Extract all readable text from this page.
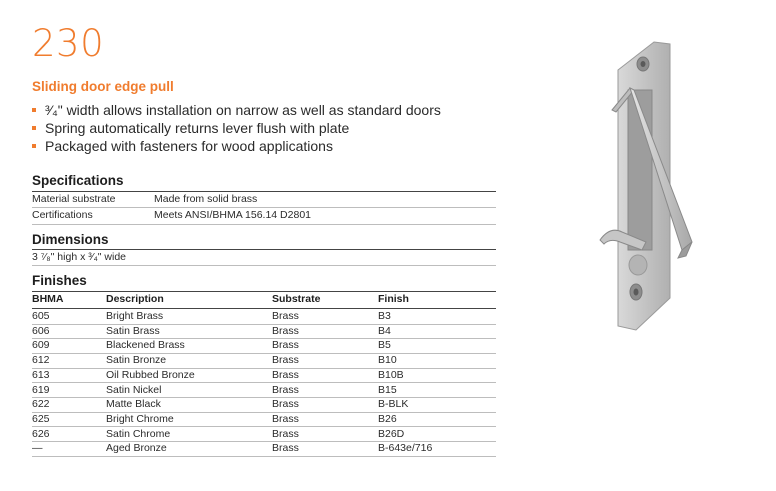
230
Sliding door edge pull
³⁄₄" width allows installation on narrow as well as standard doors
Spring automatically returns lever flush with plate
Packaged with fasteners for wood applications
Specifications
Material substrate	Made from solid brass
Certifications	Meets ANSI/BHMA 156.14 D2801
Dimensions
3 ⁷⁄₈" high x ³⁄₄" wide
Finishes
BHMA	Description	Substrate	Finish
605	Bright Brass	Brass	B3
606	Satin Brass	Brass	B4
609	Blackened Brass	Brass	B5
612	Satin Bronze	Brass	B10
613	Oil Rubbed Bronze	Brass	B10B
619	Satin Nickel	Brass	B15
622	Matte Black	Brass	B-BLK
625	Bright Chrome	Brass	B26
626	Satin Chrome	Brass	B26D
—	Aged Bronze	Brass	B-643e/716
